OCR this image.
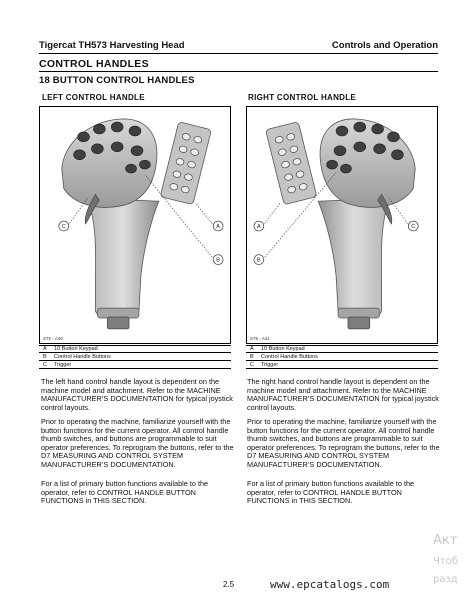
Tigercat TH573 Harvesting Head	Controls and Operation
CONTROL HANDLES
18 BUTTON CONTROL HANDLES
LEFT CONTROL HANDLE	RIGHT CONTROL HANDLE
C	A
B
S75 - A40
A
B
C
S75 - A41
A	10 Button Keypad
B	Control Handle Buttons
C	Trigger
A	10 Button Keypad
B	Control Handle Buttons
C	Trigger

The left hand control handle layout is dependent on the machine model and attachment. Refer to the MACHINE MANUFACTURER’S DOCUMENTATION for typical joystick control layouts.

Prior to operating the machine, familiarize yourself with the button functions for the current operator. All control handle thumb switches, and buttons are programmable to suit operator preferences. To reprogram the buttons, refer to the D7 MEASURING AND CONTROL SYSTEM MANUFACTURER’S DOCUMENTATION.

For a list of primary button functions available to the operator, refer to CONTROL HANDLE BUTTON FUNCTIONS in THIS SECTION.

The right hand control handle layout is dependent on the machine model and attachment. Refer to the MACHINE MANUFACTURER’S DOCUMENTATION for typical joystick control layouts.

Prior to operating the machine, familiarize yourself with the button functions for the current operator. All control handle thumb switches, and buttons are programmable to suit operator preferences. To reprogram the buttons, refer to the D7 MEASURING AND CONTROL SYSTEM MANUFACTURER’S DOCUMENTATION.

For a list of primary button functions available to the operator, refer to CONTROL HANDLE BUTTON FUNCTIONS in THIS SECTION.

2.5	www.epcatalogs.com
Акт
Чтоб
разд
